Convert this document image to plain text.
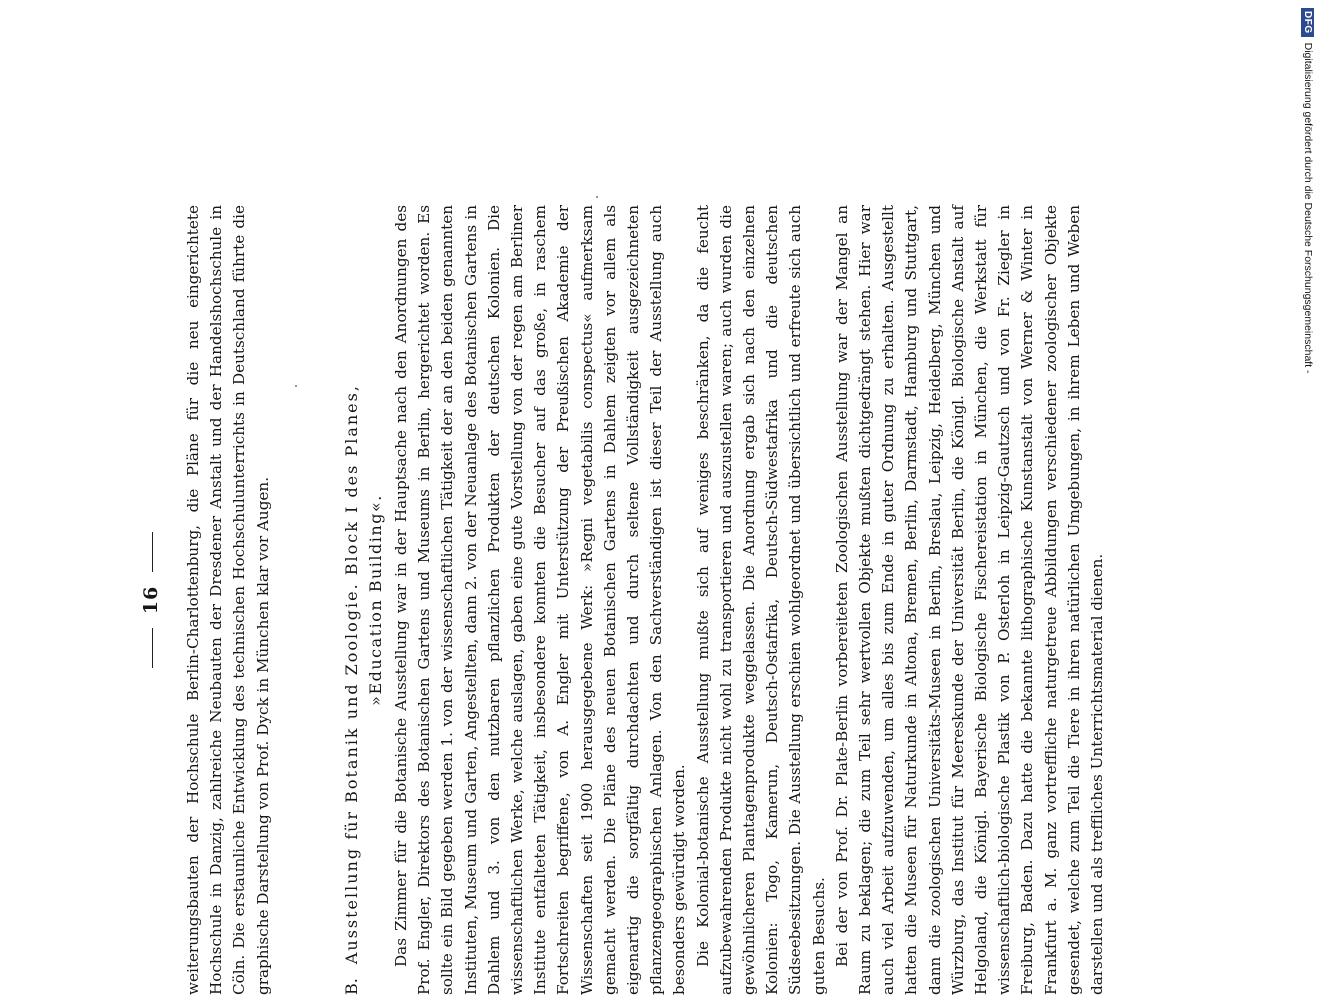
16 weiterungsbauten der Hochschule Berlin-Charlottenburg, die Pläne für die neu eingerichtete Hochschule in Danzig, zahlreiche Neubauten der Dresdener Anstalt und der Handelshochschule in Cöln. Die erstaunliche Entwicklung des technischen Hochschulunterrichts in Deutschland führte die graphische Darstellung von Prof. Dyck in München klar vor Augen.	B.Ausstellung für Botanik und Zoologie. Block I des Planes, »Education Building«. Das Zimmer für die Botanische Ausstellung war in der Hauptsache nach den Anordnungen des Prof. Engler, Direktors des Botanischen Gartens und Museums in Berlin, hergerichtet worden. Es sollte ein Bild gegeben werden 1. von der wissenschaftlichen Tätigkeit der an den beiden genannten Instituten, Museum und Garten, Angestellten, dann 2. von der Neuanlage des Botanischen Gartens in Dahlem und 3. von den nutzbaren pflanzlichen Produkten der deutschen Kolonien. Die wissenschaftlichen Werke, welche auslagen, gaben eine gute Vorstellung von der regen am Berliner Institute entfalteten Tätigkeit, insbesondere konnten die Besucher auf das große, in raschem Fortschreiten begriffene, von A. Engler mit Unterstützung der Preußischen Akademie der Wissenschaften seit 1900 herausgegebene Werk: »Regni vegetabilis conspectus« aufmerksam gemacht werden. Die Pläne des neuen Botanischen Gartens in Dahlem zeigten vor allem als eigenartig die sorgfältig durchdachten und durch seltene Vollständigkeit ausgezeichneten pflanzengeographischen Anlagen. Von den Sachverständigen ist dieser Teil der Ausstellung auch besonders gewürdigt worden. Die Kolonial-botanische Ausstellung mußte sich auf weniges beschränken, da die feucht aufzubewahrenden Produkte nicht wohl zu transportieren und auszustellen waren; auch wurden die gewöhnlicheren Plantagenprodukte weggelassen. Die Anordnung ergab sich nach den einzelnen Kolonien: Togo, Kamerun, Deutsch-Ostafrika, Deutsch-Südwestafrika und die deutschen Südseebesitzungen. Die Ausstellung erschien wohlgeordnet und übersichtlich und erfreute sich auch guten Besuchs. Bei der von Prof. Dr. Plate-Berlin vorbereiteten Zoologischen Ausstellung war der Mangel an Raum zu beklagen; die zum Teil sehr wertvollen Objekte mußten dichtgedrängt stehen. Hier war auch viel Arbeit aufzuwenden, um alles bis zum Ende in guter Ordnung zu erhalten. Ausgestellt hatten die Museen für Naturkunde in Altona, Bremen, Berlin, Darmstadt, Hamburg und Stuttgart, dann die zoologischen Universitäts-Museen in Berlin, Breslau, Leipzig, Heidelberg, München und Würzburg, das Institut für Meereskunde der Universität Berlin, die Königl. Biologische Anstalt auf Helgoland, die Königl. Bayerische Biologische Fischereistation in München, die Werkstatt für wissenschaftlich-biologische Plastik von P. Osterloh in Leipzig-Gautzsch und von Fr. Ziegler in Freiburg, Baden. Dazu hatte die bekannte lithographische Kunstanstalt von Werner & Winter in Frankfurt a. M. ganz vortreffliche naturgetreue Abbildungen verschiedener zoologischer Objekte gesendet, welche zum Teil die Tiere in ihren natürlichen Umgebungen, in ihrem Leben und Weben darstellen und als treffliches Unterrichtsmaterial dienen.

DFG
Digitalisierung gefördert durch die Deutsche Forschungsgemeinschaft -
